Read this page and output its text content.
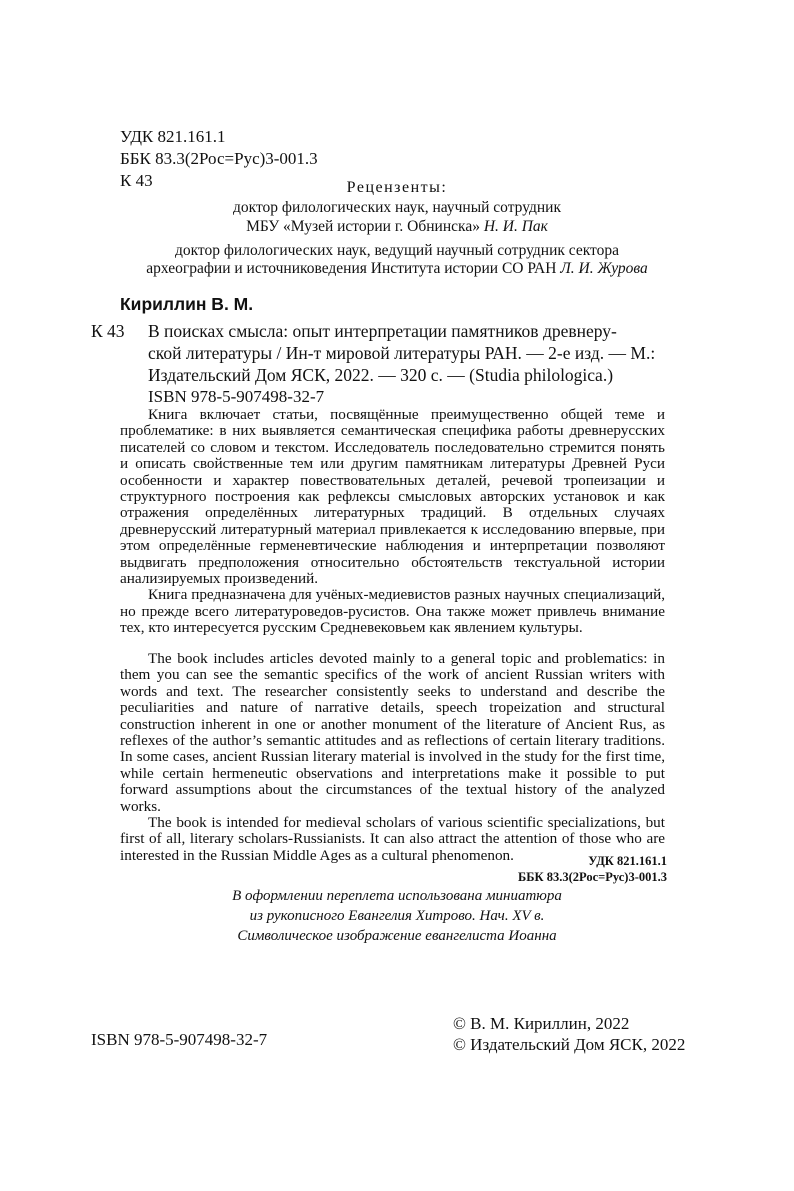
УДК 821.161.1
ББК 83.3(2Рос=Рус)3-001.3
К 43	Рецензенты:
доктор филологических наук, научный сотрудник
МБУ «Музей истории г. Обнинска» Н. И. Пак
доктор филологических наук, ведущий научный сотрудник сектора
археографии и источниковедения Института истории СО РАН Л. И. Журова
Кириллин В. М.
К 43 В поисках смысла: опыт интерпретации памятников древнеру-
ской литературы / Ин-т мировой литературы РАН. — 2-е изд. — М.:
Издательский Дом ЯСК, 2022. — 320 с. — (Studia philologica.)
ISBN 978-5-907498-32-7

Книга включает статьи, посвящённые преимущественно общей теме и проблематике: в них выявляется семантическая специфика работы древнерусских писателей со словом и текстом. Исследователь последовательно стремится понять и описать свойственные тем или другим памятникам литературы Древней Руси особенности и характер повествовательных деталей, речевой тропеизации и структурного построения как рефлексы смысловых авторских установок и как отражения определённых литературных традиций. В отдельных случаях древнерусский литературный материал привлекается к исследованию впервые, при этом определённые герменевтические наблюдения и интерпретации позволяют выдвигать предположения относительно обстоятельств текстуальной истории анализируемых произведений.

Книга предназначена для учёных-медиевистов разных научных специализаций, но прежде всего литературоведов-русистов. Она также может привлечь внимание тех, кто интересуется русским Средневековьем как явлением культуры.

The book includes articles devoted mainly to a general topic and problematics: in them you can see the semantic specifics of the work of ancient Russian writers with words and text. The researcher consistently seeks to understand and describe the peculiarities and nature of narrative details, speech tropeization and structural construction inherent in one or another monument of the literature of Ancient Rus, as reflexes of the author’s semantic attitudes and as reflections of certain literary traditions. In some cases, ancient Russian literary material is involved in the study for the first time, while certain hermeneutic observations and interpretations make it possible to put forward assumptions about the circumstances of the textual history of the analyzed works.

The book is intended for medieval scholars of various scientific specializations, but first of all, literary scholars-Russianists. It can also attract the attention of those who are interested in the Russian Middle Ages as a cultural phenomenon.	УДК 821.161.1
ББК 83.3(2Рос=Рус)3-001.3
В оформлении переплета использована миниатюра
из рукописного Евангелия Хитрово. Нач. XV в.
Символическое изображение евангелиста Иоанна
ISBN 978-5-907498-32-7
© В. М. Кириллин, 2022
© Издательский Дом ЯСК, 2022
